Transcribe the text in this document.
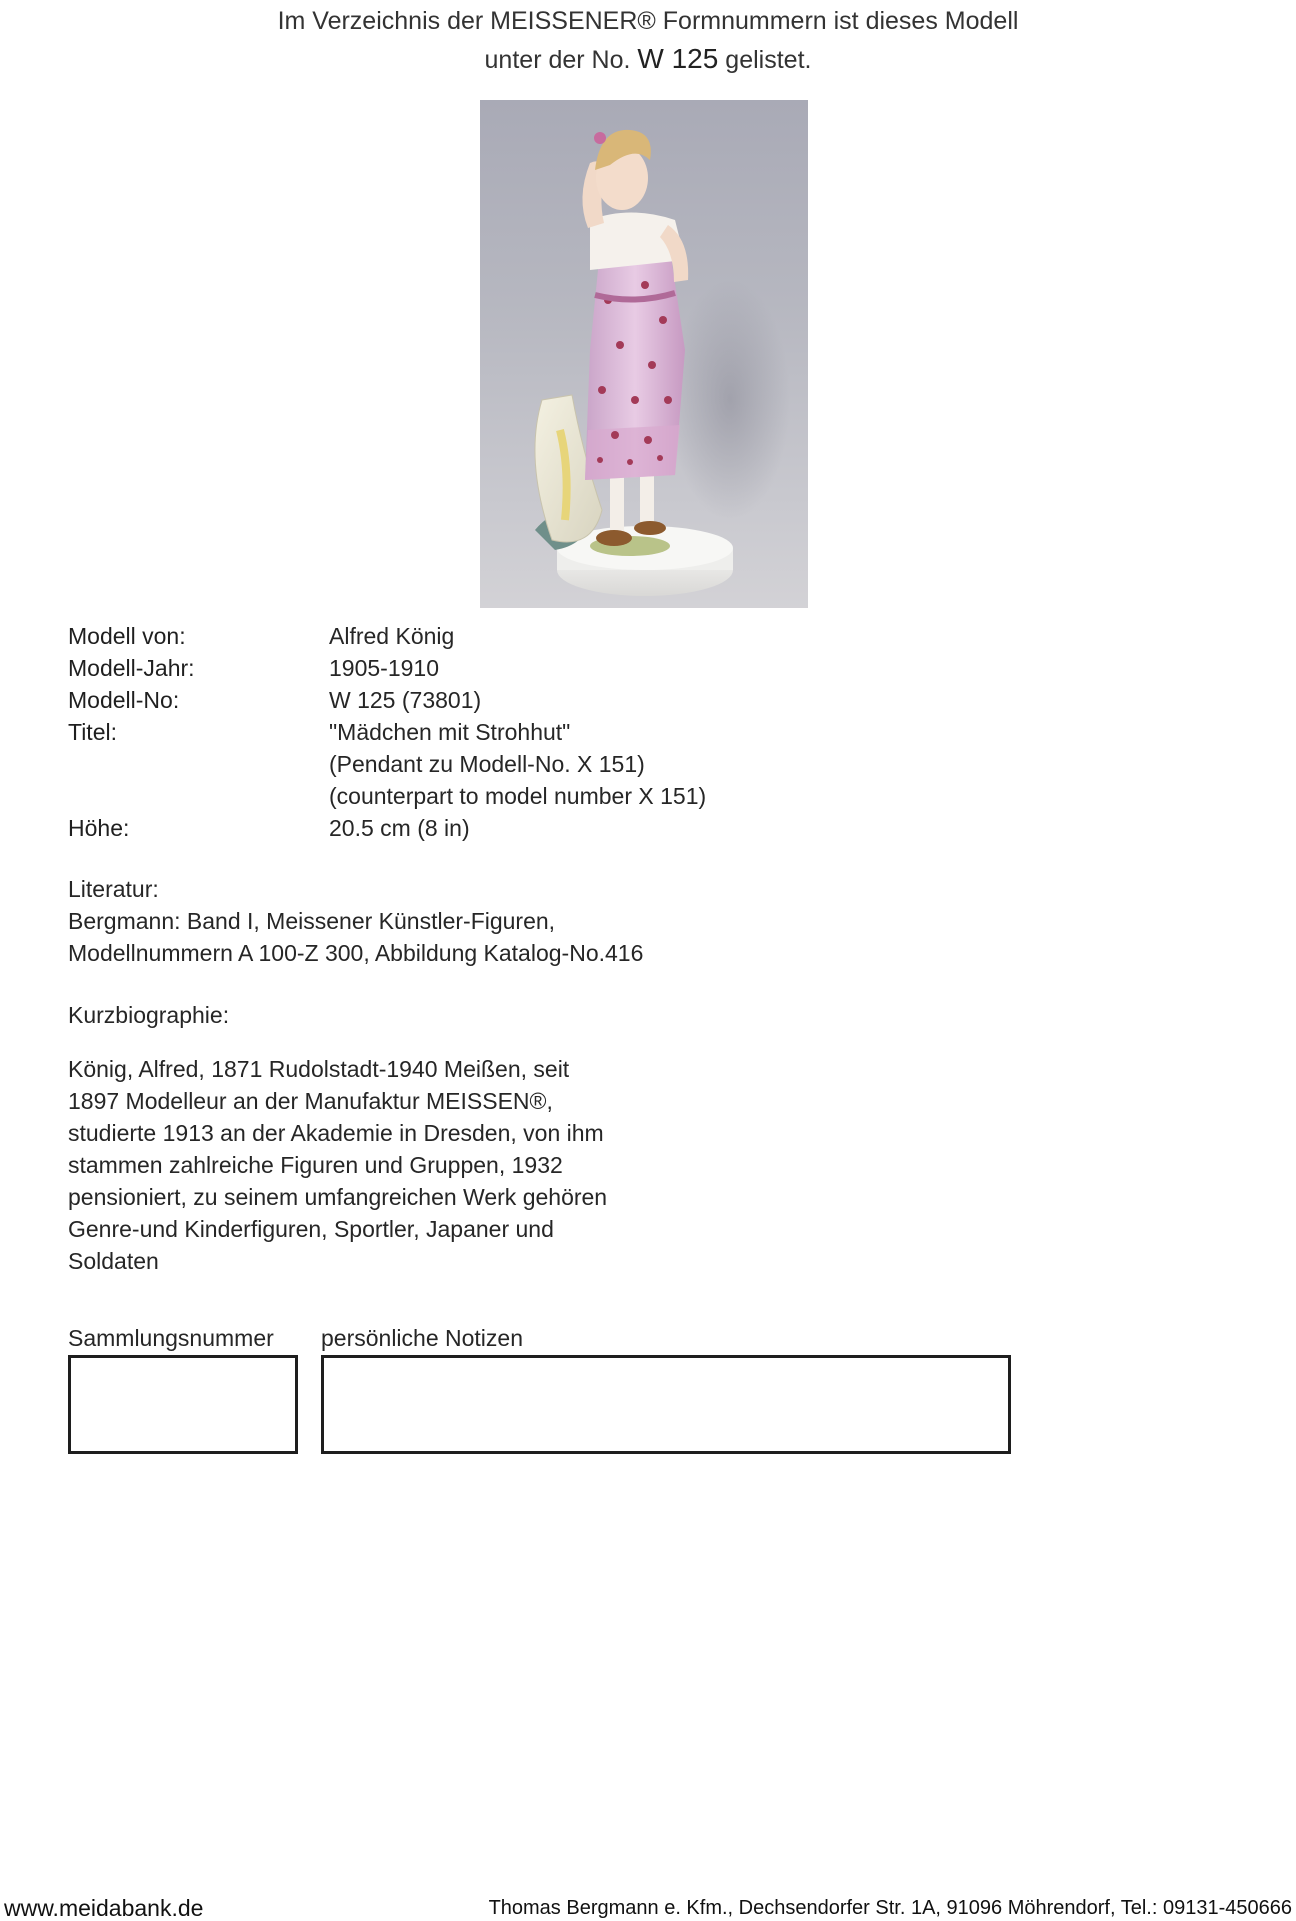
Im Verzeichnis der MEISSENER® Formnummern ist dieses Modell
unter der No. W 125 gelistet.
Modell von:	Alfred König
Modell-Jahr:	1905-1910
Modell-No:	W 125 (73801)
Titel:	"Mädchen mit Strohhut"
(Pendant zu Modell-No. X 151)
(counterpart to model number X 151)

Höhe:	20.5 cm (8 in)
Literatur:
Bergmann: Band I, Meissener Künstler-Figuren,
Modellnummern A 100-Z 300, Abbildung Katalog-No.416
Kurzbiographie:
König, Alfred, 1871 Rudolstadt-1940 Meißen, seit
1897 Modelleur an der Manufaktur MEISSEN®,
studierte 1913 an der Akademie in Dresden, von ihm
stammen zahlreiche Figuren und Gruppen, 1932
pensioniert, zu seinem umfangreichen Werk gehören
Genre-und Kinderfiguren, Sportler, Japaner und
Soldaten
Sammlungsnummer persönliche Notizen
www.meidabank.de	Thomas Bergmann e. Kfm., Dechsendorfer Str. 1A, 91096 Möhrendorf, Tel.: 09131-450666
